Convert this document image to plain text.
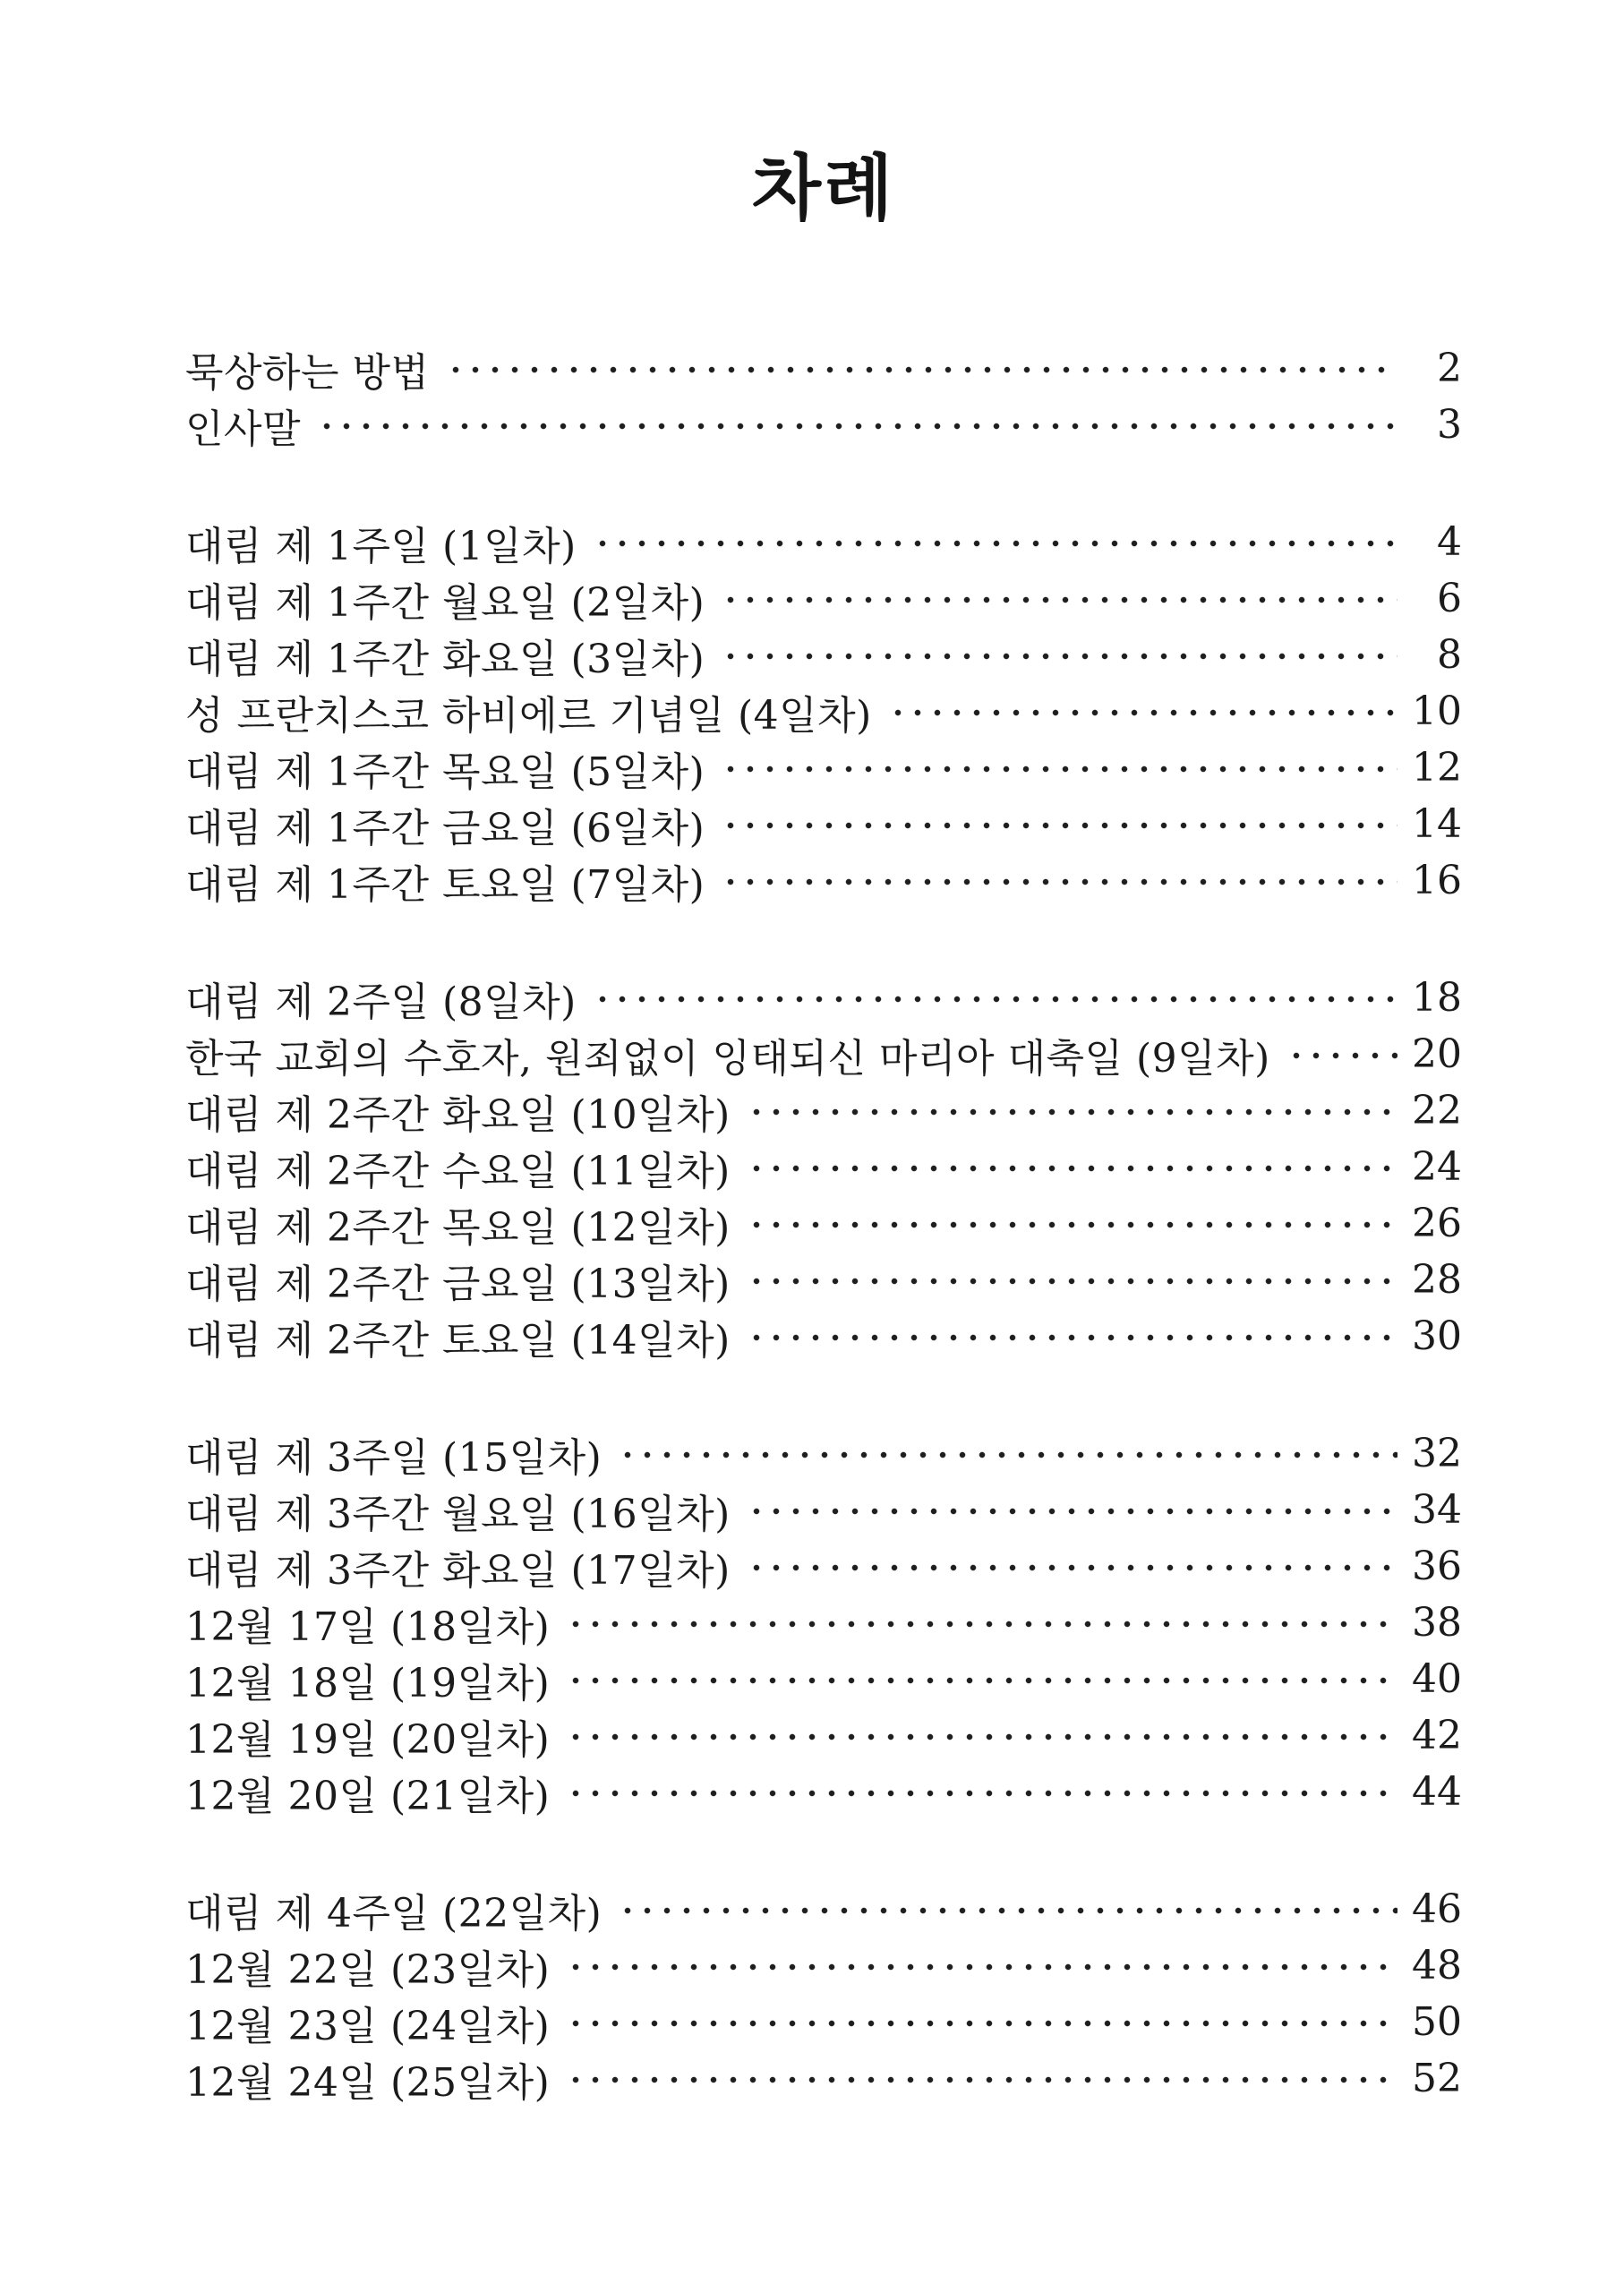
차례
묵상하는 방법	2
인사말	3
대림 제 1주일 (1일차)	4
대림 제 1주간 월요일 (2일차)	6
대림 제 1주간 화요일 (3일차)	8
성 프란치스코 하비에르 기념일 (4일차)	10
대림 제 1주간 목요일 (5일차)	12
대림 제 1주간 금요일 (6일차)	14
대림 제 1주간 토요일 (7일차)	16
대림 제 2주일 (8일차)	18
한국 교회의 수호자, 원죄없이 잉태되신 마리아 대축일 (9일차)	20
대림 제 2주간 화요일 (10일차)	22
대림 제 2주간 수요일 (11일차)	24
대림 제 2주간 목요일 (12일차)	26
대림 제 2주간 금요일 (13일차)	28
대림 제 2주간 토요일 (14일차)	30
대림 제 3주일 (15일차)	32
대림 제 3주간 월요일 (16일차)	34
대림 제 3주간 화요일 (17일차)	36
12월 17일 (18일차)	38
12월 18일 (19일차)	40
12월 19일 (20일차)	42
12월 20일 (21일차)	44
대림 제 4주일 (22일차)	46
12월 22일 (23일차)	48
12월 23일 (24일차)	50
12월 24일 (25일차)	52
